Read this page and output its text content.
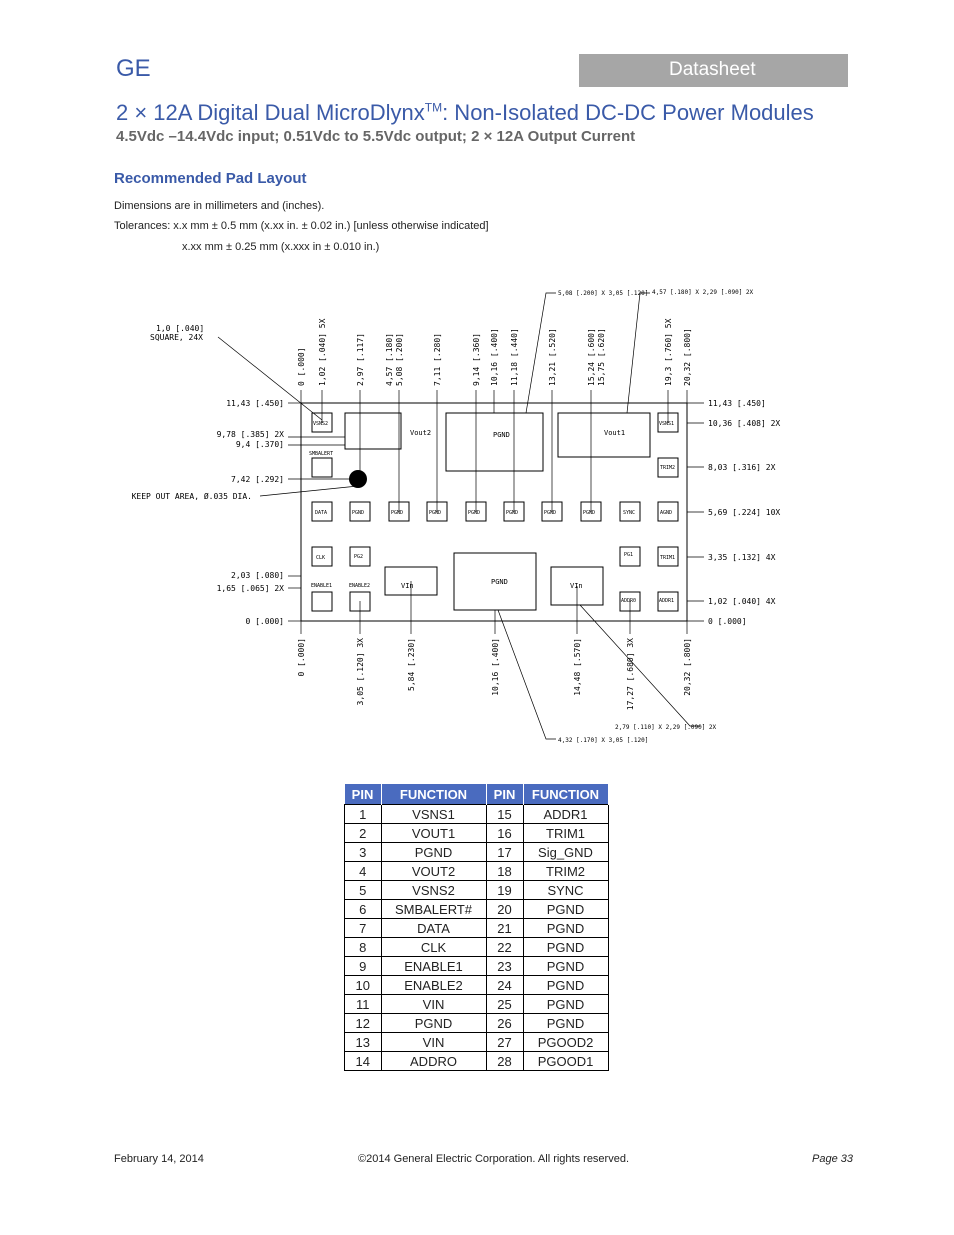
GE	Datasheet
2 × 12A Digital Dual MicroDlynx™: Non-Isolated DC-DC Power Modules
4.5Vdc –14.4Vdc input; 0.51Vdc to 5.5Vdc output; 2 × 12A Output Current
Recommended Pad Layout
Dimensions are in millimeters and (inches).
Tolerances: x.x mm ± 0.5 mm (x.xx in. ± 0.02 in.) [unless otherwise indicated]
x.xx mm ± 0.25 mm (x.xxx in ± 0.010 in.)
Vout2	PGND	Vout1
VIn	PGND	VIn
VSNS2	VSNS1
SMBALERT
TRIM2
DATA	PGND	PGND	PGND	PGND	PGND	PGND	PGND	SYNC	AGND
CLK	PG2	PG1	TRIM1
ENABLE1	ENABLE2
ADDR0	ADDR1
11,43 [.450]
9,78 [.385] 2X
9,4 [.370]
7,42 [.292]
2,03 [.080]
1,65 [.065] 2X
0 [.000]
KEEP OUT AREA, Ø.035 DIA.
1,0 [.040]
SQUARE, 24X
11,43 [.450]
10,36 [.408] 2X
8,03 [.316] 2X
5,69 [.224] 10X
3,35 [.132] 4X
1,02 [.040] 4X
0 [.000]
5,08 [.200] X 3,05 [.120] 4,57 [.180] X 2,29 [.090] 2X
4,32 [.170] X 3,05 [.120]
2,79 [.110] X 2,29 [.090] 2X
0 [.000] 1,02 [.040] 5X	2,97 [.117]	4,57 [.180] 5,08 [.200]	7,11 [.280]	9,14 [.360] 10,16 [.400] 11,18 [.440]	13,21 [.520]	15,24 [.600] 15,75 [.620]	19,3 [.760] 5X 20,32 [.800]
0 [.000]	3,05 [.120] 3X	5,84 [.230]	10,16 [.400]	14,48 [.570]	17,27 [.680] 3X	20,32 [.800]
PIN	FUNCTION	PIN	FUNCTION
1	VSNS1	15	ADDR1
2	VOUT1	16	TRIM1
3	PGND	17	Sig_GND
4	VOUT2	18	TRIM2
5	VSNS2	19	SYNC
6	SMBALERT#	20	PGND
7	DATA	21	PGND
8	CLK	22	PGND
9	ENABLE1	23	PGND
10	ENABLE2	24	PGND
11	VIN	25	PGND
12	PGND	26	PGND
13	VIN	27	PGOOD2
14	ADDRO	28	PGOOD1
February 14, 2014	©2014 General Electric Corporation. All rights reserved.	Page 33
